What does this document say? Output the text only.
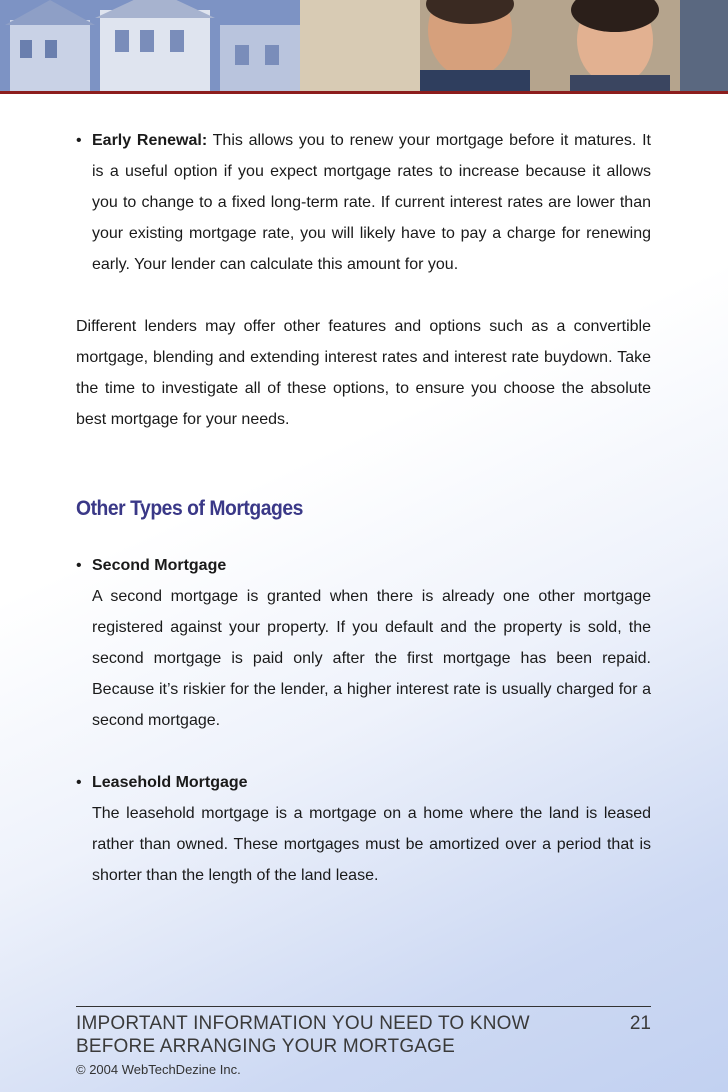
• Early Renewal: This allows you to renew your mortgage before it matures. It is a useful option if you expect mortgage rates to increase because it allows you to change to a fixed long-term rate. If current interest rates are lower than your existing mortgage rate, you will likely have to pay a charge for renewing early. Your lender can calculate this amount for you.

Different lenders may offer other features and options such as a convertible mortgage, blending and extending interest rates and interest rate buydown. Take the time to investigate all of these options, to ensure you choose the absolute best mortgage for your needs.

Other Types of Mortgages
• Second Mortgage

A second mortgage is granted when there is already one other mortgage registered against your property. If you default and the property is sold, the second mortgage is paid only after the first mortgage has been repaid. Because it’s riskier for the lender, a higher interest rate is usually charged for a second mortgage.

• Leasehold Mortgage

The leasehold mortgage is a mortgage on a home where the land is leased rather than owned. These mortgages must be amortized over a period that is shorter than the length of the land lease.

IMPORTANT INFORMATION YOU NEED TO KNOW
BEFORE ARRANGING YOUR MORTGAGE
21
© 2004 WebTechDezine Inc.
